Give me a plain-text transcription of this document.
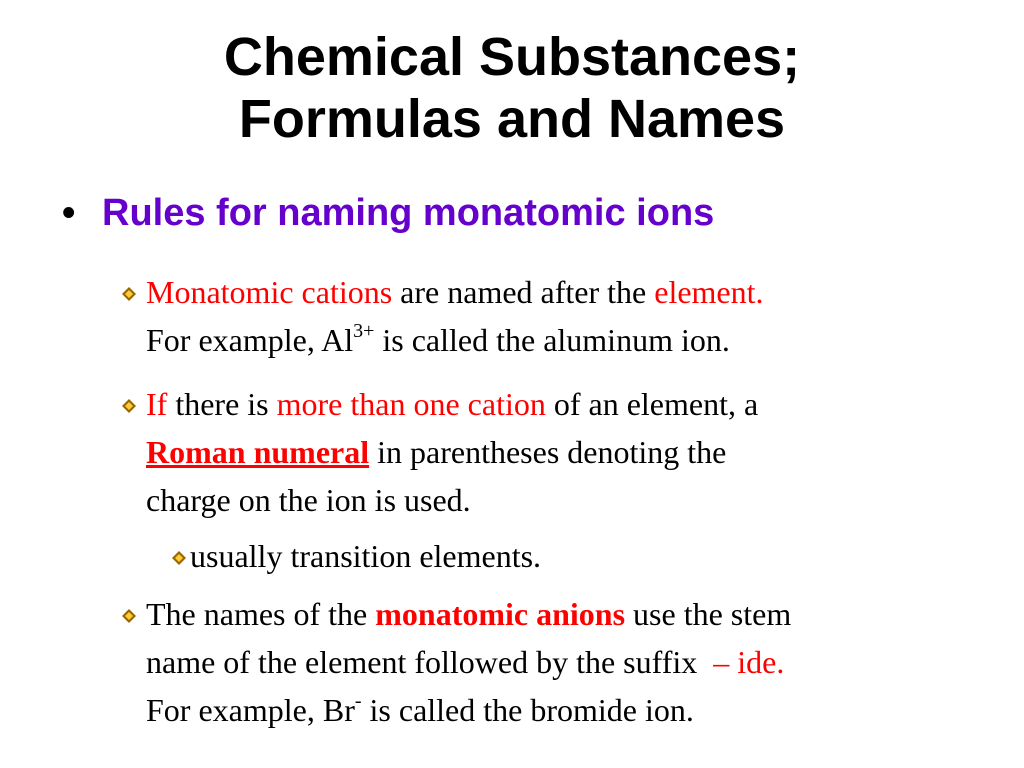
Chemical Substances;
Formulas and Names
• Rules for naming monatomic ions
Monatomic cations are named after the element.
For example, $Al^{3+}$ is called the aluminum ion.
If there is more than one cation of an element, a
Roman numeral in parentheses denoting the
charge on the ion is used.
usually transition elements.
The names of the monatomic anions use the stem
name of the element followed by the suffix  – ide.
For example, Br- is called the bromide ion.
